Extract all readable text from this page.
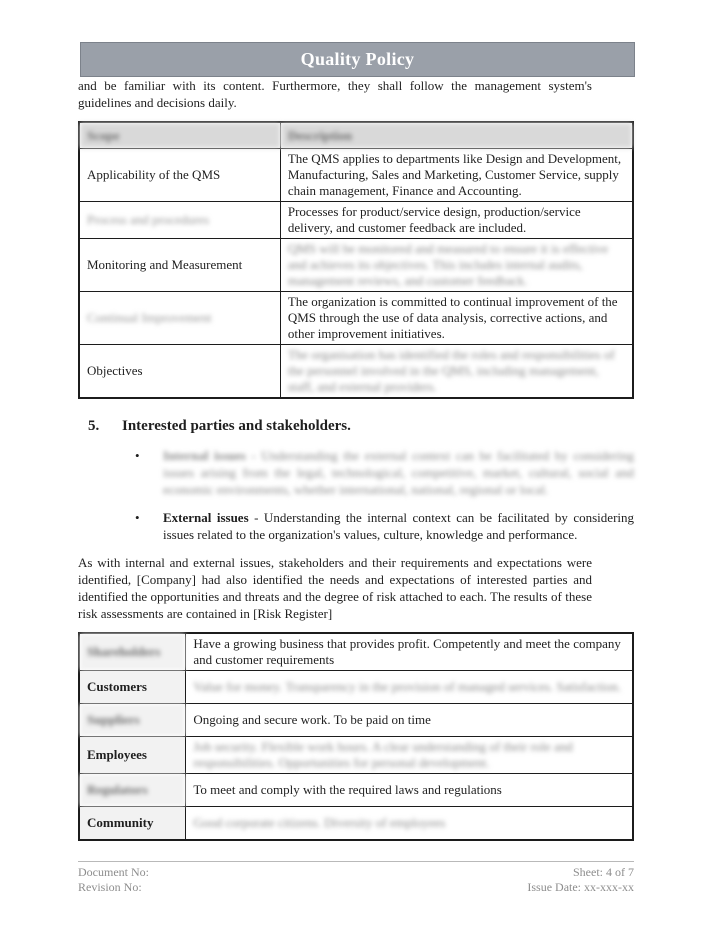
Quality Policy

and be familiar with its content. Furthermore, they shall follow the management system's guidelines and decisions daily.

Scope	Description
Applicability of the QMS	The QMS applies to departments like Design and Development, Manufacturing, Sales and Marketing, Customer Service, supply chain management, Finance and Accounting.
Process and procedures	Processes for product/service design, production/service delivery, and customer feedback are included.
Monitoring and Measurement	QMS will be monitored and measured to ensure it is effective and achieves its objectives. This includes internal audits, management reviews, and customer feedback.
Continual Improvement	The organization is committed to continual improvement of the QMS through the use of data analysis, corrective actions, and other improvement initiatives.
Objectives	The organisation has identified the roles and responsibilities of the personnel involved in the QMS, including management, staff, and external providers.
5.	Interested parties and stakeholders.
•	Internal issues - Understanding the external context can be facilitated by considering issues arising from the legal, technological, competitive, market, cultural, social and economic environments, whether international, national, regional or local.
•	External issues - Understanding the internal context can be facilitated by considering issues related to the organization's values, culture, knowledge and performance.

As with internal and external issues, stakeholders and their requirements and expectations were identified, [Company] had also identified the needs and expectations of interested parties and identified the opportunities and threats and the degree of risk attached to each. The results of these risk assessments are contained in [Risk Register]

Shareholders	Have a growing business that provides profit. Competently and meet the company and customer requirements
Customers	Value for money. Transparency in the provision of managed services. Satisfaction.
Suppliers	Ongoing and secure work. To be paid on time
Employees	Job security. Flexible work hours. A clear understanding of their role and responsibilities. Opportunities for personal development.
Regulators	To meet and comply with the required laws and regulations
Community	Good corporate citizens. Diversity of employees
Document No:
Revision No:
Sheet: 4 of 7
Issue Date: xx-xxx-xx
